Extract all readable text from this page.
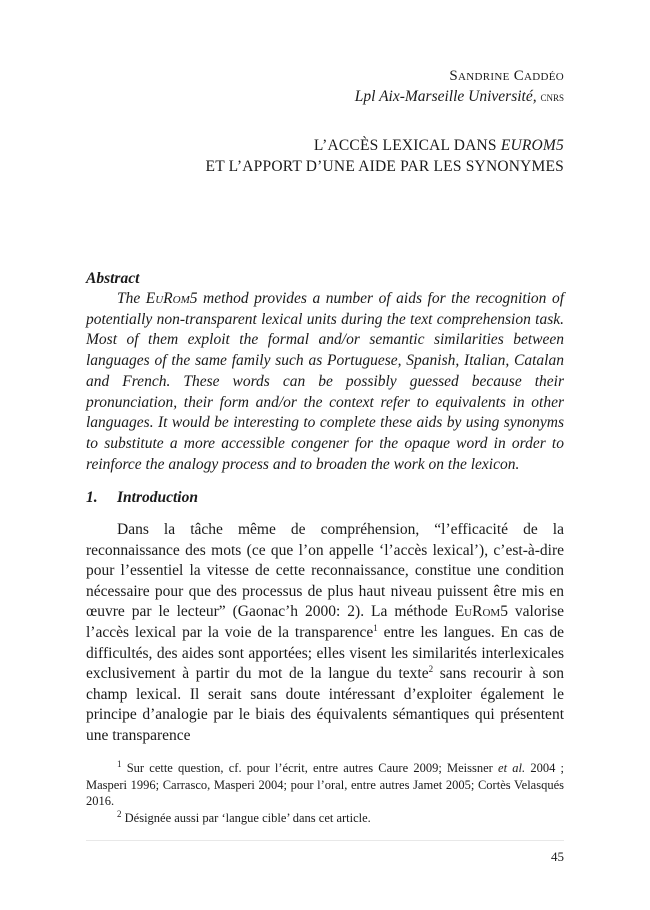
Sandrine Caddéo
Lpl Aix-Marseille Université, cnrs
L’ACCÈS LEXICAL DANS EUROM5
ET L’APPORT D’UNE AIDE PAR LES SYNONYMES
Abstract

The EuRom5 method provides a number of aids for the recognition of potentially non-transparent lexical units during the text comprehension task. Most of them exploit the formal and/or semantic similarities between languages of the same family such as Portuguese, Spanish, Italian, Catalan and French. These words can be possibly guessed because their pronunciation, their form and/or the context refer to equivalents in other languages. It would be interesting to complete these aids by using synonyms to substitute a more accessible congener for the opaque word in order to reinforce the analogy process and to broaden the work on the lexicon.

1. Introduction

Dans la tâche même de compréhension, “l’efficacité de la reconnaissance des mots (ce que l’on appelle ‘l’accès lexical’), c’est-à-dire pour l’essentiel la vitesse de cette reconnaissance, constitue une condition nécessaire pour que des processus de plus haut niveau puissent être mis en œuvre par le lecteur” (Gaonac’h 2000: 2). La méthode EuRom5 valorise l’accès lexical par la voie de la transparence$^1$ entre les langues. En cas de difficultés, des aides sont apportées; elles visent les similarités interlexicales exclusivement à partir du mot de la langue du texte$^2$ sans recourir à son champ lexical. Il serait sans doute intéressant d’exploiter également le principe d’analogie par le biais des équivalents sémantiques qui présentent une transparence

$^1$ Sur cette question, cf. pour l’écrit, entre autres Caure 2009; Meissner et al. 2004 ; Masperi 1996; Carrasco, Masperi 2004; pour l’oral, entre autres Jamet 2005; Cortès Velasqués 2016.

$^2$ Désignée aussi par ‘langue cible’ dans cet article.

45
